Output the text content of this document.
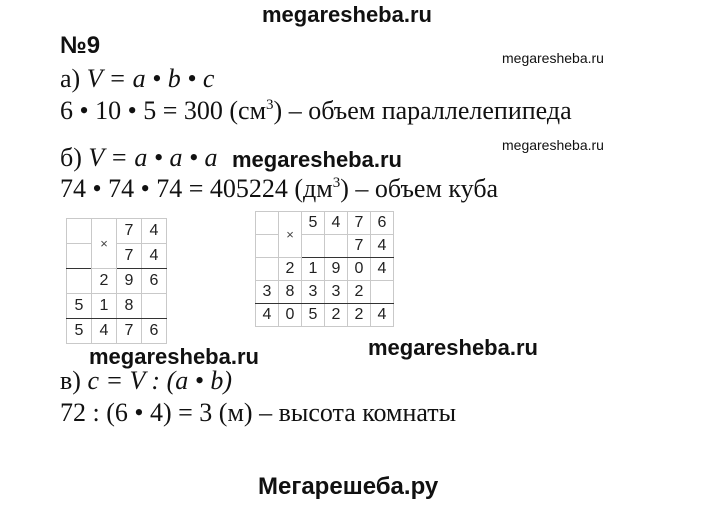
megaresheba.ru
megaresheba.ru
megaresheba.ru
megaresheba.ru
megaresheba.ru	megaresheba.ru
Мегарешеба.ру
№9
а) V = a • b • c
6 • 10 • 5 = 300 $(см^3)$ – объем параллелепипеда
б) V = a • a • a
74 • 74 • 74 = 405224 $(дм^3)$ – объем куба
	×	7	4
		7	4
	2	9	6
5	1	8	
5	4	7	6
	×	5	4	7	6
				7	4
	2	1	9	0	4
3	8	3	3	2	
4	0	5	2	2	4
в) c = V : (a • b)
72 : (6 • 4) = 3 (м) – высота комнаты
